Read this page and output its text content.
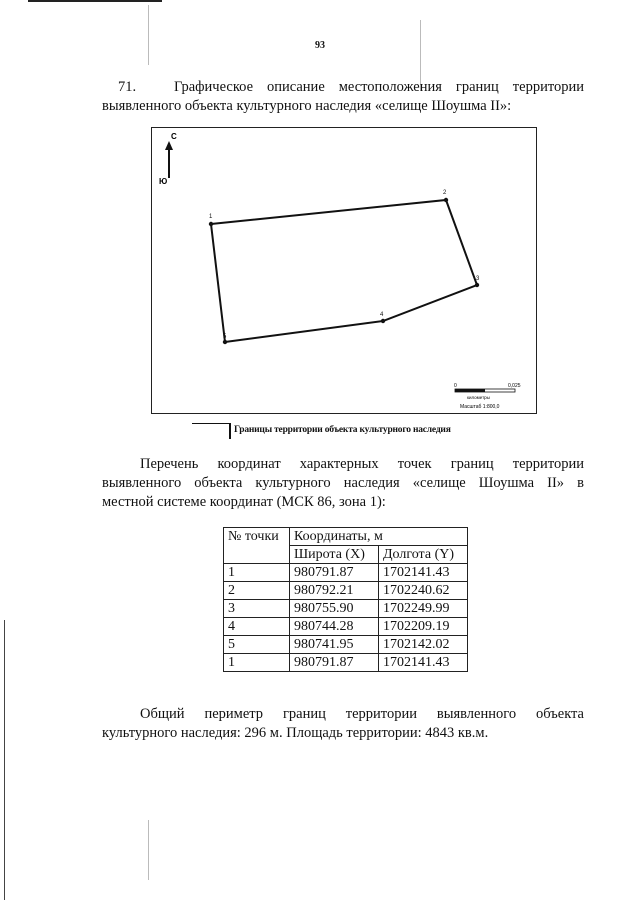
93
71.	Графическое описание местоположения границ территории
выявленного объекта культурного наследия «селище Шоушма II»:
С
Ю
1
2
3
4
5
0	0,025
километры
Масштаб 1:800,0
Границы территории объекта культурного наследия
Перечень координат характерных точек границ территории
выявленного объекта культурного наследия «селище Шоушма II» в
местной системе координат (МСК 86, зона 1):
№ точки	Координаты, м	
	Широта (X)	Долгота (Y)
1	980791.87	1702141.43
2	980792.21	1702240.62
3	980755.90	1702249.99
4	980744.28	1702209.19
5	980741.95	1702142.02
1	980791.87	1702141.43
Общий периметр границ территории выявленного объекта
культурного наследия: 296 м. Площадь территории: 4843 кв.м.
